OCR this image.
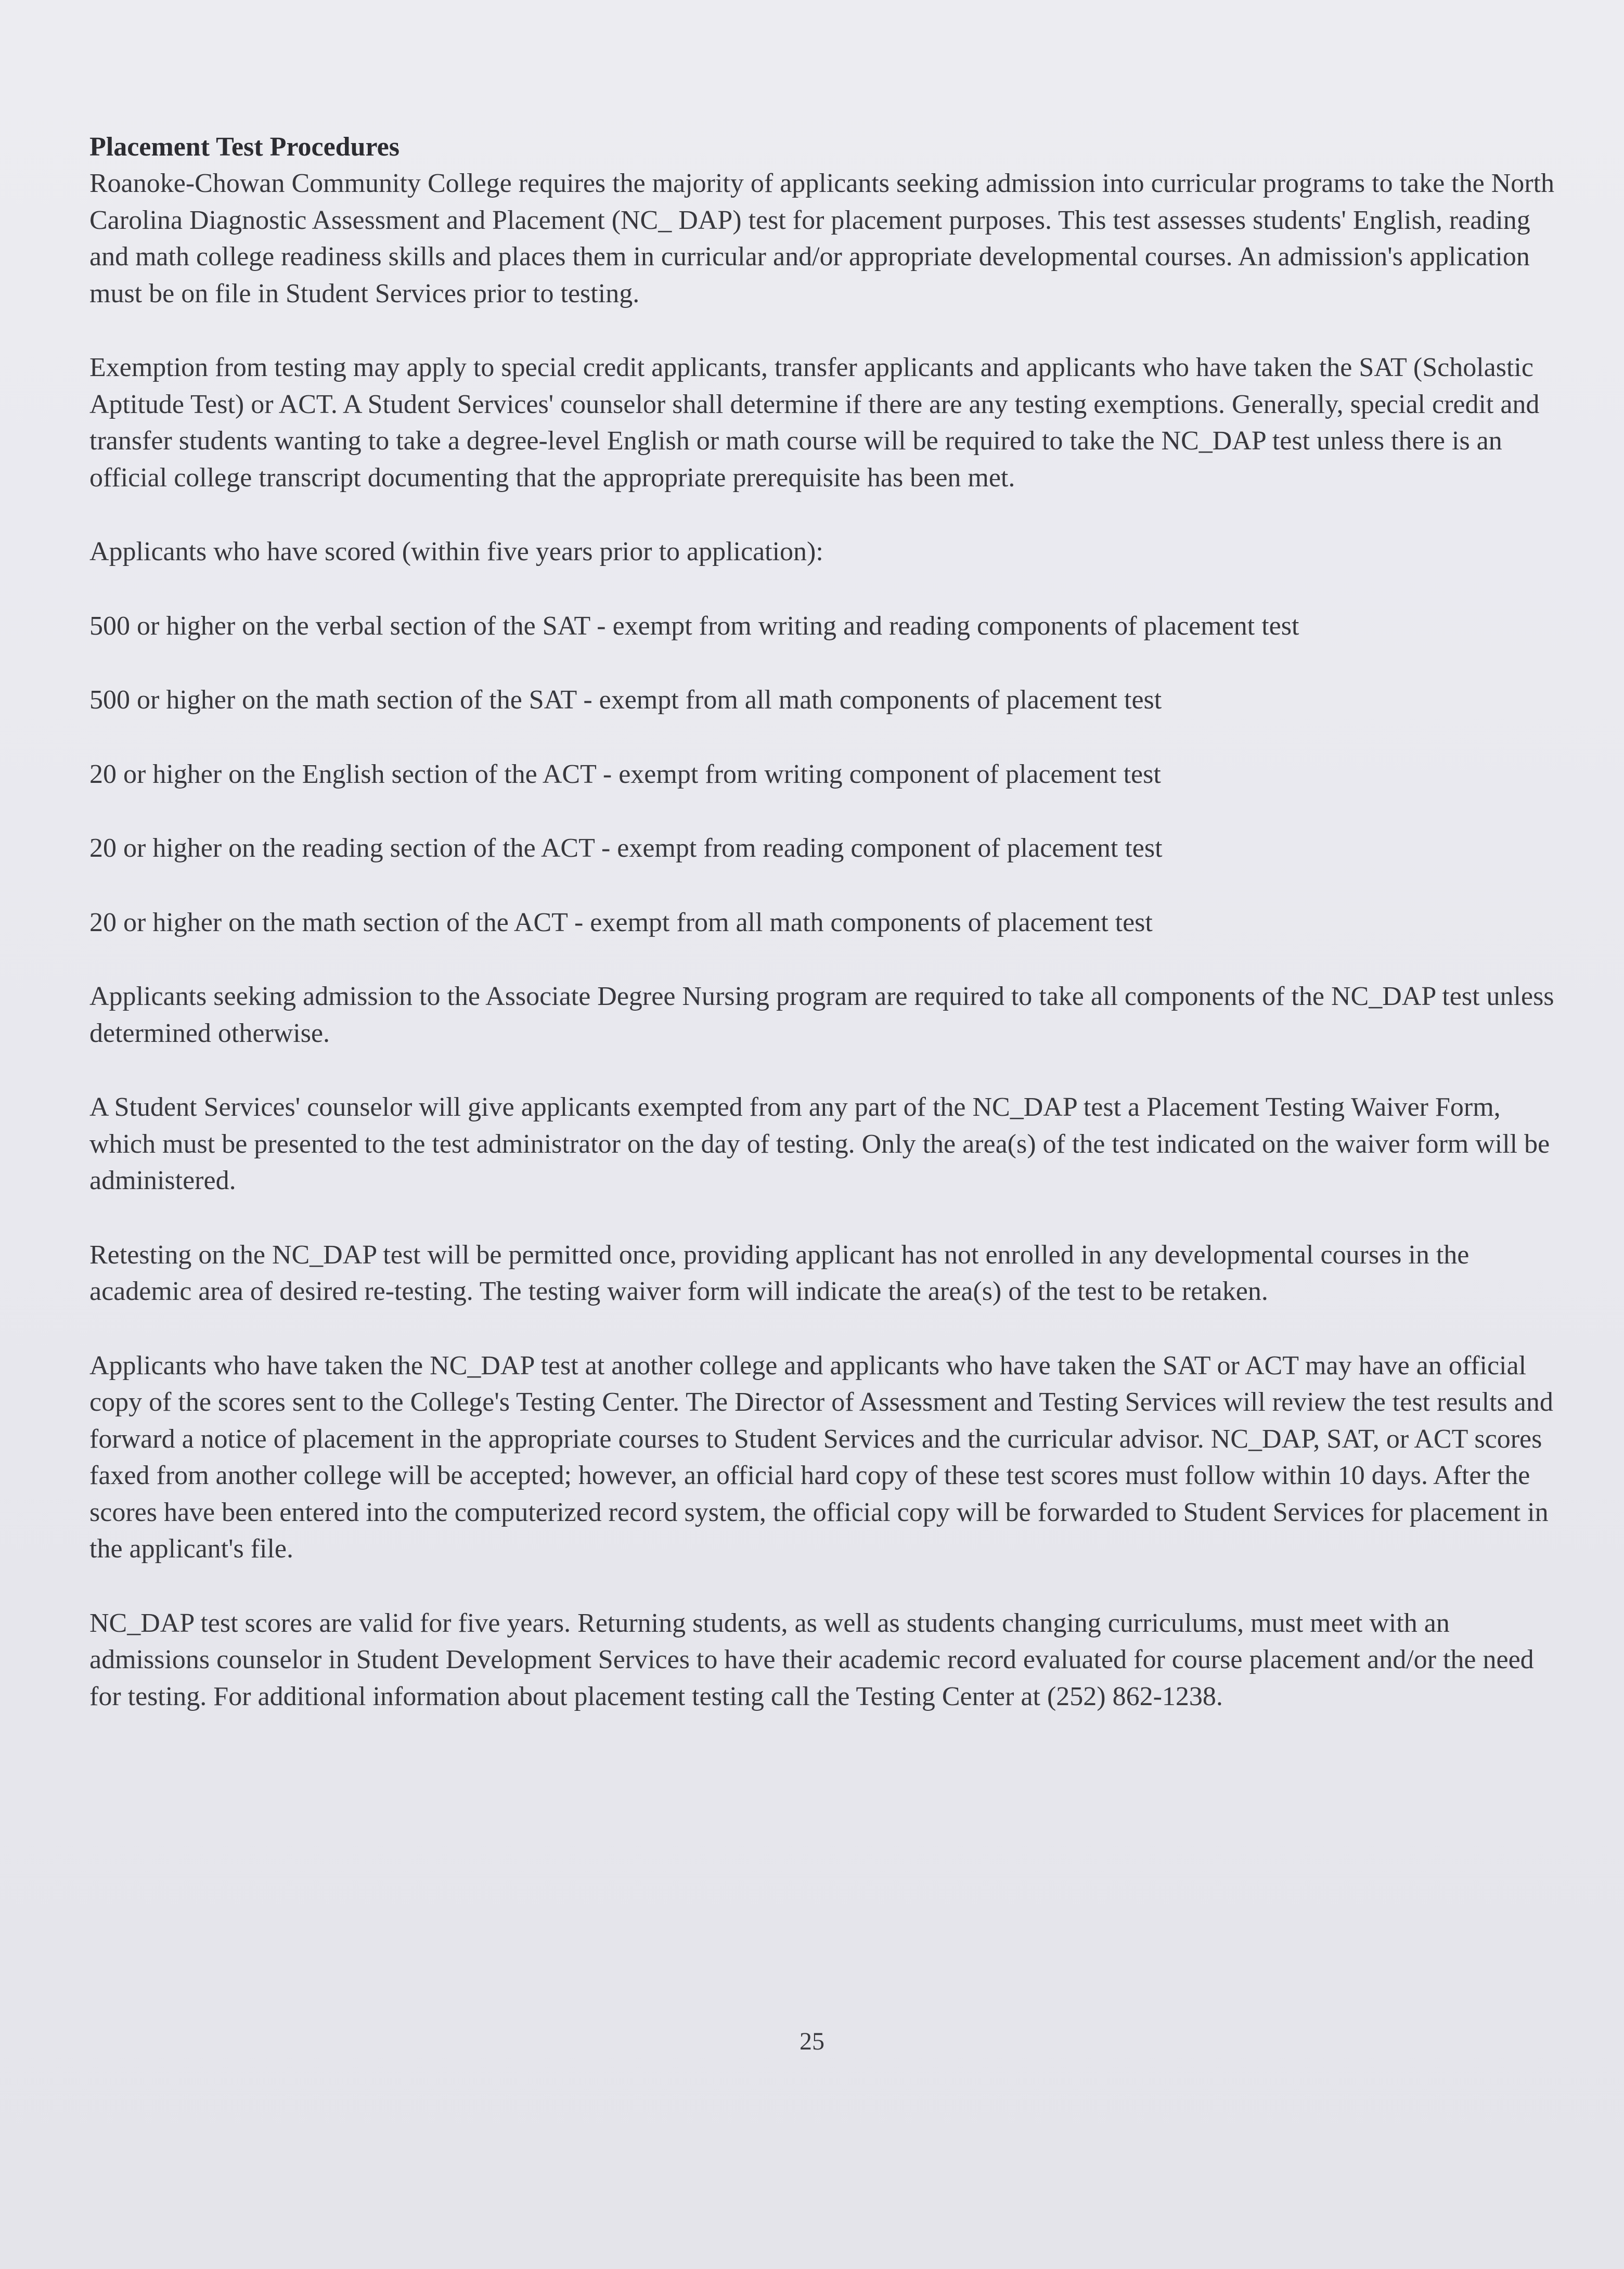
Placement Test Procedures

Roanoke-Chowan Community College requires the majority of applicants seeking admission into curricular programs to take the North Carolina Diagnostic Assessment and Placement (NC_ DAP) test for placement purposes. This test assesses students' English, reading and math college readiness skills and places them in curricular and/or appropriate developmental courses. An admission's application must be on file in Student Services prior to testing.

Exemption from testing may apply to special credit applicants, transfer applicants and applicants who have taken the SAT (Scholastic Aptitude Test) or ACT. A Student Services' counselor shall determine if there are any testing exemptions. Generally, special credit and transfer students wanting to take a degree-level English or math course will be required to take the NC_DAP test unless there is an official college transcript documenting that the appropriate prerequisite has been met.

Applicants who have scored (within five years prior to application):

500 or higher on the verbal section of the SAT - exempt from writing and reading components of placement test

500 or higher on the math section of the SAT - exempt from all math components of placement test

20 or higher on the English section of the ACT - exempt from writing component of placement test

20 or higher on the reading section of the ACT - exempt from reading component of placement test

20 or higher on the math section of the ACT - exempt from all math components of placement test

Applicants seeking admission to the Associate Degree Nursing program are required to take all components of the NC_DAP test unless determined otherwise.

A Student Services' counselor will give applicants exempted from any part of the NC_DAP test a Placement Testing Waiver Form, which must be presented to the test administrator on the day of testing. Only the area(s) of the test indicated on the waiver form will be administered.

Retesting on the NC_DAP test will be permitted once, providing applicant has not enrolled in any developmental courses in the academic area of desired re-testing. The testing waiver form will indicate the area(s) of the test to be retaken.

Applicants who have taken the NC_DAP test at another college and applicants who have taken the SAT or ACT may have an official copy of the scores sent to the College's Testing Center. The Director of Assessment and Testing Services will review the test results and forward a notice of placement in the appropriate courses to Student Services and the curricular advisor. NC_DAP, SAT, or ACT scores faxed from another college will be accepted; however, an official hard copy of these test scores must follow within 10 days. After the scores have been entered into the computerized record system, the official copy will be forwarded to Student Services for placement in the applicant's file.

NC_DAP test scores are valid for five years. Returning students, as well as students changing curriculums, must meet with an admissions counselor in Student Development Services to have their academic record evaluated for course placement and/or the need for testing. For additional information about placement testing call the Testing Center at (252) 862-1238.

25
